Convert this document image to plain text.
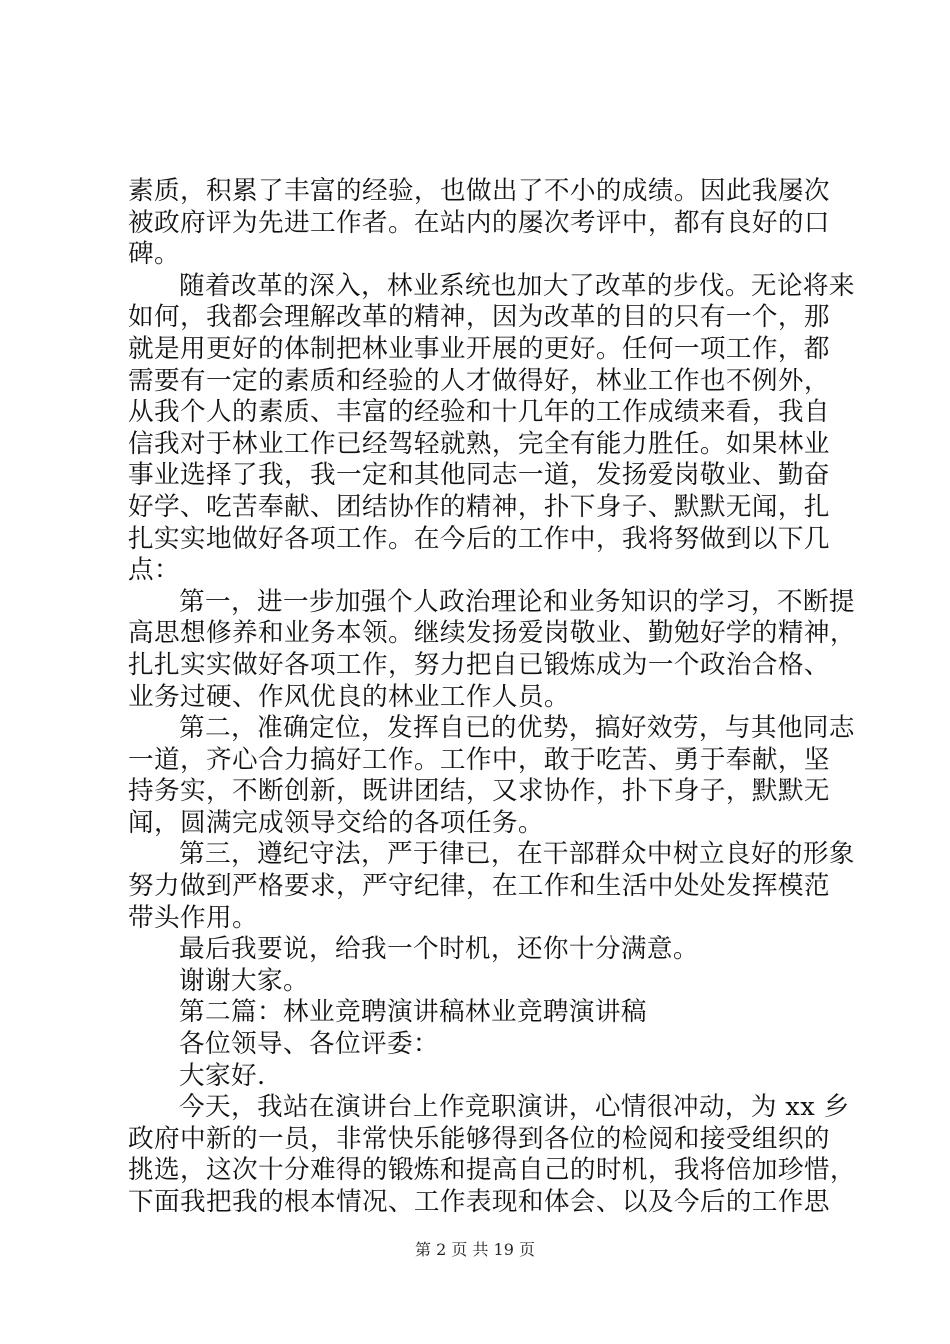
素质，积累了丰富的经验，也做出了不小的成绩。因此我屡次
被政府评为先进工作者。在站内的屡次考评中，都有良好的口
碑。
随着改革的深入，林业系统也加大了改革的步伐。无论将来
如何，我都会理解改革的精神，因为改革的目的只有一个，那
就是用更好的体制把林业事业开展的更好。任何一项工作，都
需要有一定的素质和经验的人才做得好，林业工作也不例外，
从我个人的素质、丰富的经验和十几年的工作成绩来看，我自
信我对于林业工作已经驾轻就熟，完全有能力胜任。如果林业
事业选择了我，我一定和其他同志一道，发扬爱岗敬业、勤奋
好学、吃苦奉献、团结协作的精神，扑下身子、默默无闻，扎
扎实实地做好各项工作。在今后的工作中，我将努做到以下几
点：
第一，进一步加强个人政治理论和业务知识的学习，不断提
高思想修养和业务本领。继续发扬爱岗敬业、勤勉好学的精神，
扎扎实实做好各项工作，努力把自已锻炼成为一个政治合格、
业务过硬、作风优良的林业工作人员。
第二，准确定位，发挥自已的优势，搞好效劳，与其他同志
一道，齐心合力搞好工作。工作中，敢于吃苦、勇于奉献，坚
持务实，不断创新，既讲团结，又求协作，扑下身子，默默无
闻，圆满完成领导交给的各项任务。
第三，遵纪守法，严于律已，在干部群众中树立良好的形象
努力做到严格要求，严守纪律，在工作和生活中处处发挥模范
带头作用。
最后我要说，给我一个时机，还你十分满意。
谢谢大家。
第二篇：林业竞聘演讲稿林业竞聘演讲稿
各位领导、各位评委：
大家好.
今天，我站在演讲台上作竞职演讲，心情很冲动，为 xx 乡
政府中新的一员，非常快乐能够得到各位的检阅和接受组织的
挑选，这次十分难得的锻炼和提高自己的时机，我将倍加珍惜，
下面我把我的根本情况、工作表现和体会、以及今后的工作思
第 2 页 共 19 页
